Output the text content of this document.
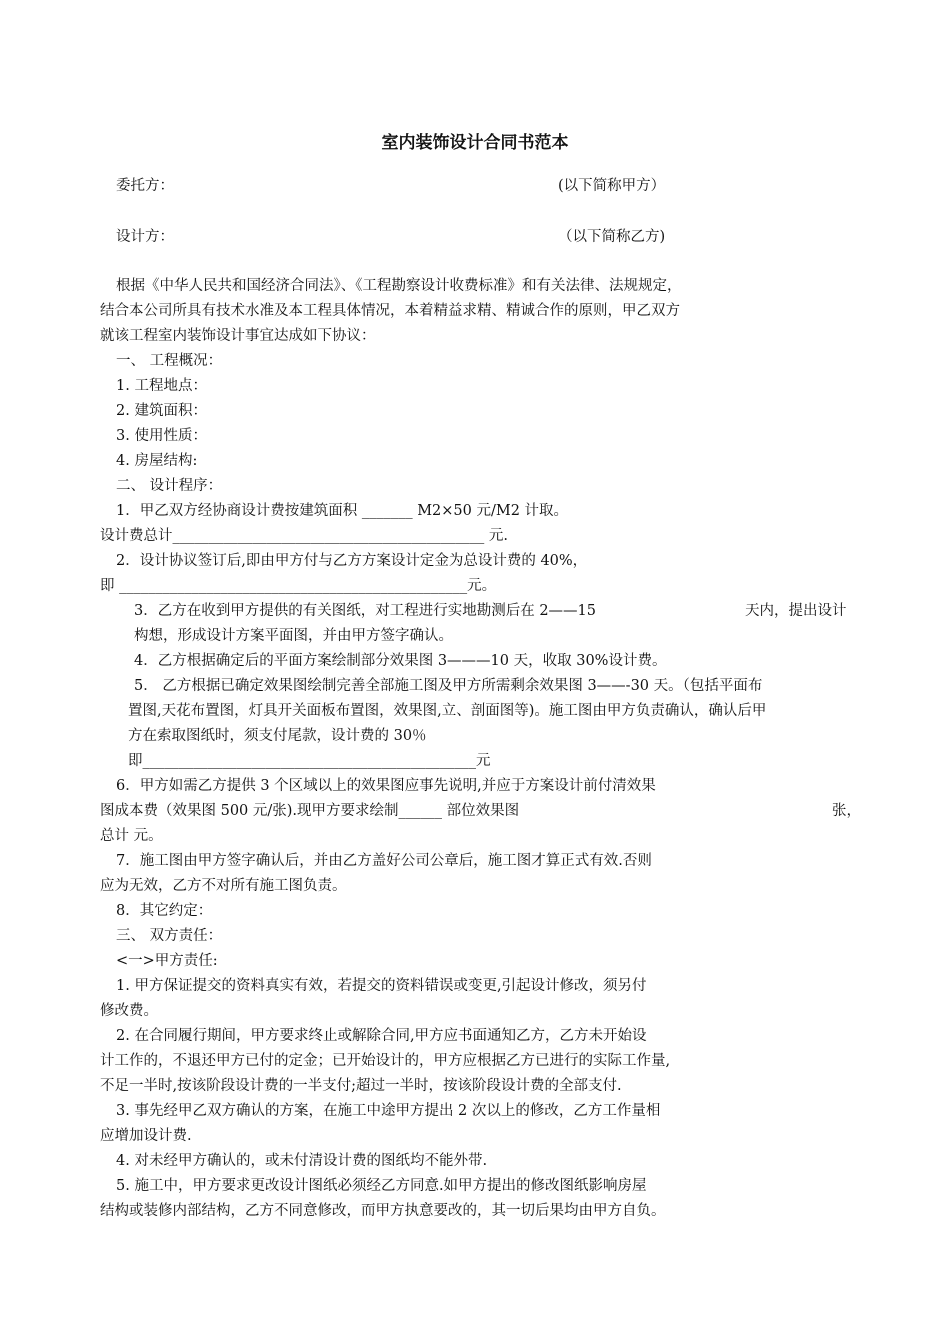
室内装饰设计合同书范本
委托方：	(以下简称甲方）
设计方：	（以下简称乙方)
根据《中华人民共和国经济合同法》、《工程勘察设计收费标准》和有关法律、法规规定，
结合本公司所具有技术水准及本工程具体情况，本着精益求精、精诚合作的原则，甲乙双方
就该工程室内装饰设计事宜达成如下协议：
一、 工程概况：
1. 工程地点：
2. 建筑面积：
3. 使用性质：
4. 房屋结构:
二、 设计程序：
1．甲乙双方经协商设计费按建筑面积 _______ M2×50 元/M2 计取。
设计费总计___________________________________________ 元.
2．设计协议签订后,即由甲方付与乙方方案设计定金为总设计费的 40%，
即 ________________________________________________元。
3．乙方在收到甲方提供的有关图纸，对工程进行实地勘测后在 2——15	天内，提出设计
构想，形成设计方案平面图，并由甲方签字确认。
4．乙方根据确定后的平面方案绘制部分效果图 3———10 天，收取 30%设计费。
5． 乙方根据已确定效果图绘制完善全部施工图及甲方所需剩余效果图 3——-30 天。（包括平面布
置图,天花布置图，灯具开关面板布置图，效果图,立、剖面图等)。施工图由甲方负责确认，确认后甲
方在索取图纸时，须支付尾款，设计费的 30％
即______________________________________________元
6．甲方如需乙方提供 3 个区域以上的效果图应事先说明,并应于方案设计前付清效果
图成本费（效果图 500 元/张).现甲方要求绘制______ 部位效果图	张，
总计 元。
7．施工图由甲方签字确认后，并由乙方盖好公司公章后，施工图才算正式有效.否则
应为无效，乙方不对所有施工图负责。
8．其它约定：
三、 双方责任：
<一>甲方责任:
1. 甲方保证提交的资料真实有效，若提交的资料错误或变更,引起设计修改，须另付
修改费。
2. 在合同履行期间，甲方要求终止或解除合同,甲方应书面通知乙方，乙方未开始设
计工作的，不退还甲方已付的定金；已开始设计的，甲方应根据乙方已进行的实际工作量,
不足一半时,按该阶段设计费的一半支付;超过一半时，按该阶段设计费的全部支付.
3. 事先经甲乙双方确认的方案，在施工中途甲方提出 2 次以上的修改，乙方工作量相
应增加设计费.
4. 对未经甲方确认的，或未付清设计费的图纸均不能外带.
5. 施工中，甲方要求更改设计图纸必须经乙方同意.如甲方提出的修改图纸影响房屋
结构或装修内部结构，乙方不同意修改，而甲方执意要改的，其一切后果均由甲方自负。
